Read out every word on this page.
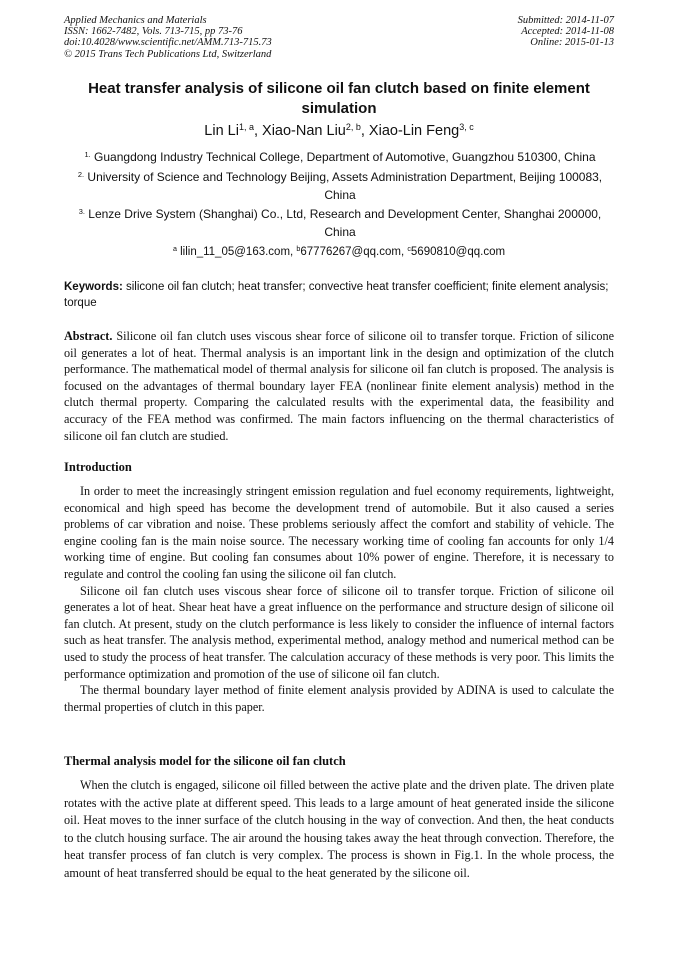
Applied Mechanics and Materials
ISSN: 1662-7482, Vols. 713-715, pp 73-76
doi:10.4028/www.scientific.net/AMM.713-715.73
© 2015 Trans Tech Publications Ltd, Switzerland
Submitted: 2014-11-07
Accepted: 2014-11-08
Online: 2015-01-13
Heat transfer analysis of silicone oil fan clutch based on finite element simulation
Lin Li$^{1, a}$, Xiao-Nan Liu$^{2, b}$, Xiao-Lin Feng$^{3, c}$
$^{1.}$ Guangdong Industry Technical College, Department of Automotive, Guangzhou 510300, China
$^{2.}$ University of Science and Technology Beijing, Assets Administration Department, Beijing 100083, China
$^{3.}$ Lenze Drive System (Shanghai) Co., Ltd, Research and Development Center, Shanghai 200000, China
$^a$ lilin_11_05@163.com, $^b$67776267@qq.com, $^c$5690810@qq.com
Keywords: silicone oil fan clutch; heat transfer; convective heat transfer coefficient; finite element analysis; torque
Abstract. Silicone oil fan clutch uses viscous shear force of silicone oil to transfer torque. Friction of silicone oil generates a lot of heat. Thermal analysis is an important link in the design and optimization of the clutch performance. The mathematical model of thermal analysis for silicone oil fan clutch is proposed. The analysis is focused on the advantages of thermal boundary layer FEA (nonlinear finite element analysis) method in the clutch thermal property. Comparing the calculated results with the experimental data, the feasibility and accuracy of the FEA method was confirmed. The main factors influencing on the thermal characteristics of silicone oil fan clutch are studied.
Introduction

In order to meet the increasingly stringent emission regulation and fuel economy requirements, lightweight, economical and high speed has become the development trend of automobile. But it also caused a series problems of car vibration and noise. These problems seriously affect the comfort and stability of vehicle. The engine cooling fan is the main noise source. The necessary working time of cooling fan accounts for only 1/4 working time of engine. But cooling fan consumes about 10% power of engine. Therefore, it is necessary to regulate and control the cooling fan using the silicone oil fan clutch.

Silicone oil fan clutch uses viscous shear force of silicone oil to transfer torque. Friction of silicone oil generates a lot of heat. Shear heat have a great influence on the performance and structure design of silicone oil fan clutch. At present, study on the clutch performance is less likely to consider the influence of internal factors such as heat transfer. The analysis method, experimental method, analogy method and numerical method can be used to study the process of heat transfer. The calculation accuracy of these methods is very poor. This limits the performance optimization and promotion of the use of silicone oil fan clutch.

The thermal boundary layer method of finite element analysis provided by ADINA is used to calculate the thermal properties of clutch in this paper.

Thermal analysis model for the silicone oil fan clutch

When the clutch is engaged, silicone oil filled between the active plate and the driven plate. The driven plate rotates with the active plate at different speed. This leads to a large amount of heat generated inside the silicone oil. Heat moves to the inner surface of the clutch housing in the way of convection. And then, the heat conducts to the clutch housing surface. The air around the housing takes away the heat through convection. Therefore, the heat transfer process of fan clutch is very complex. The process is shown in Fig.1. In the whole process, the amount of heat transferred should be equal to the heat generated by the silicone oil.
